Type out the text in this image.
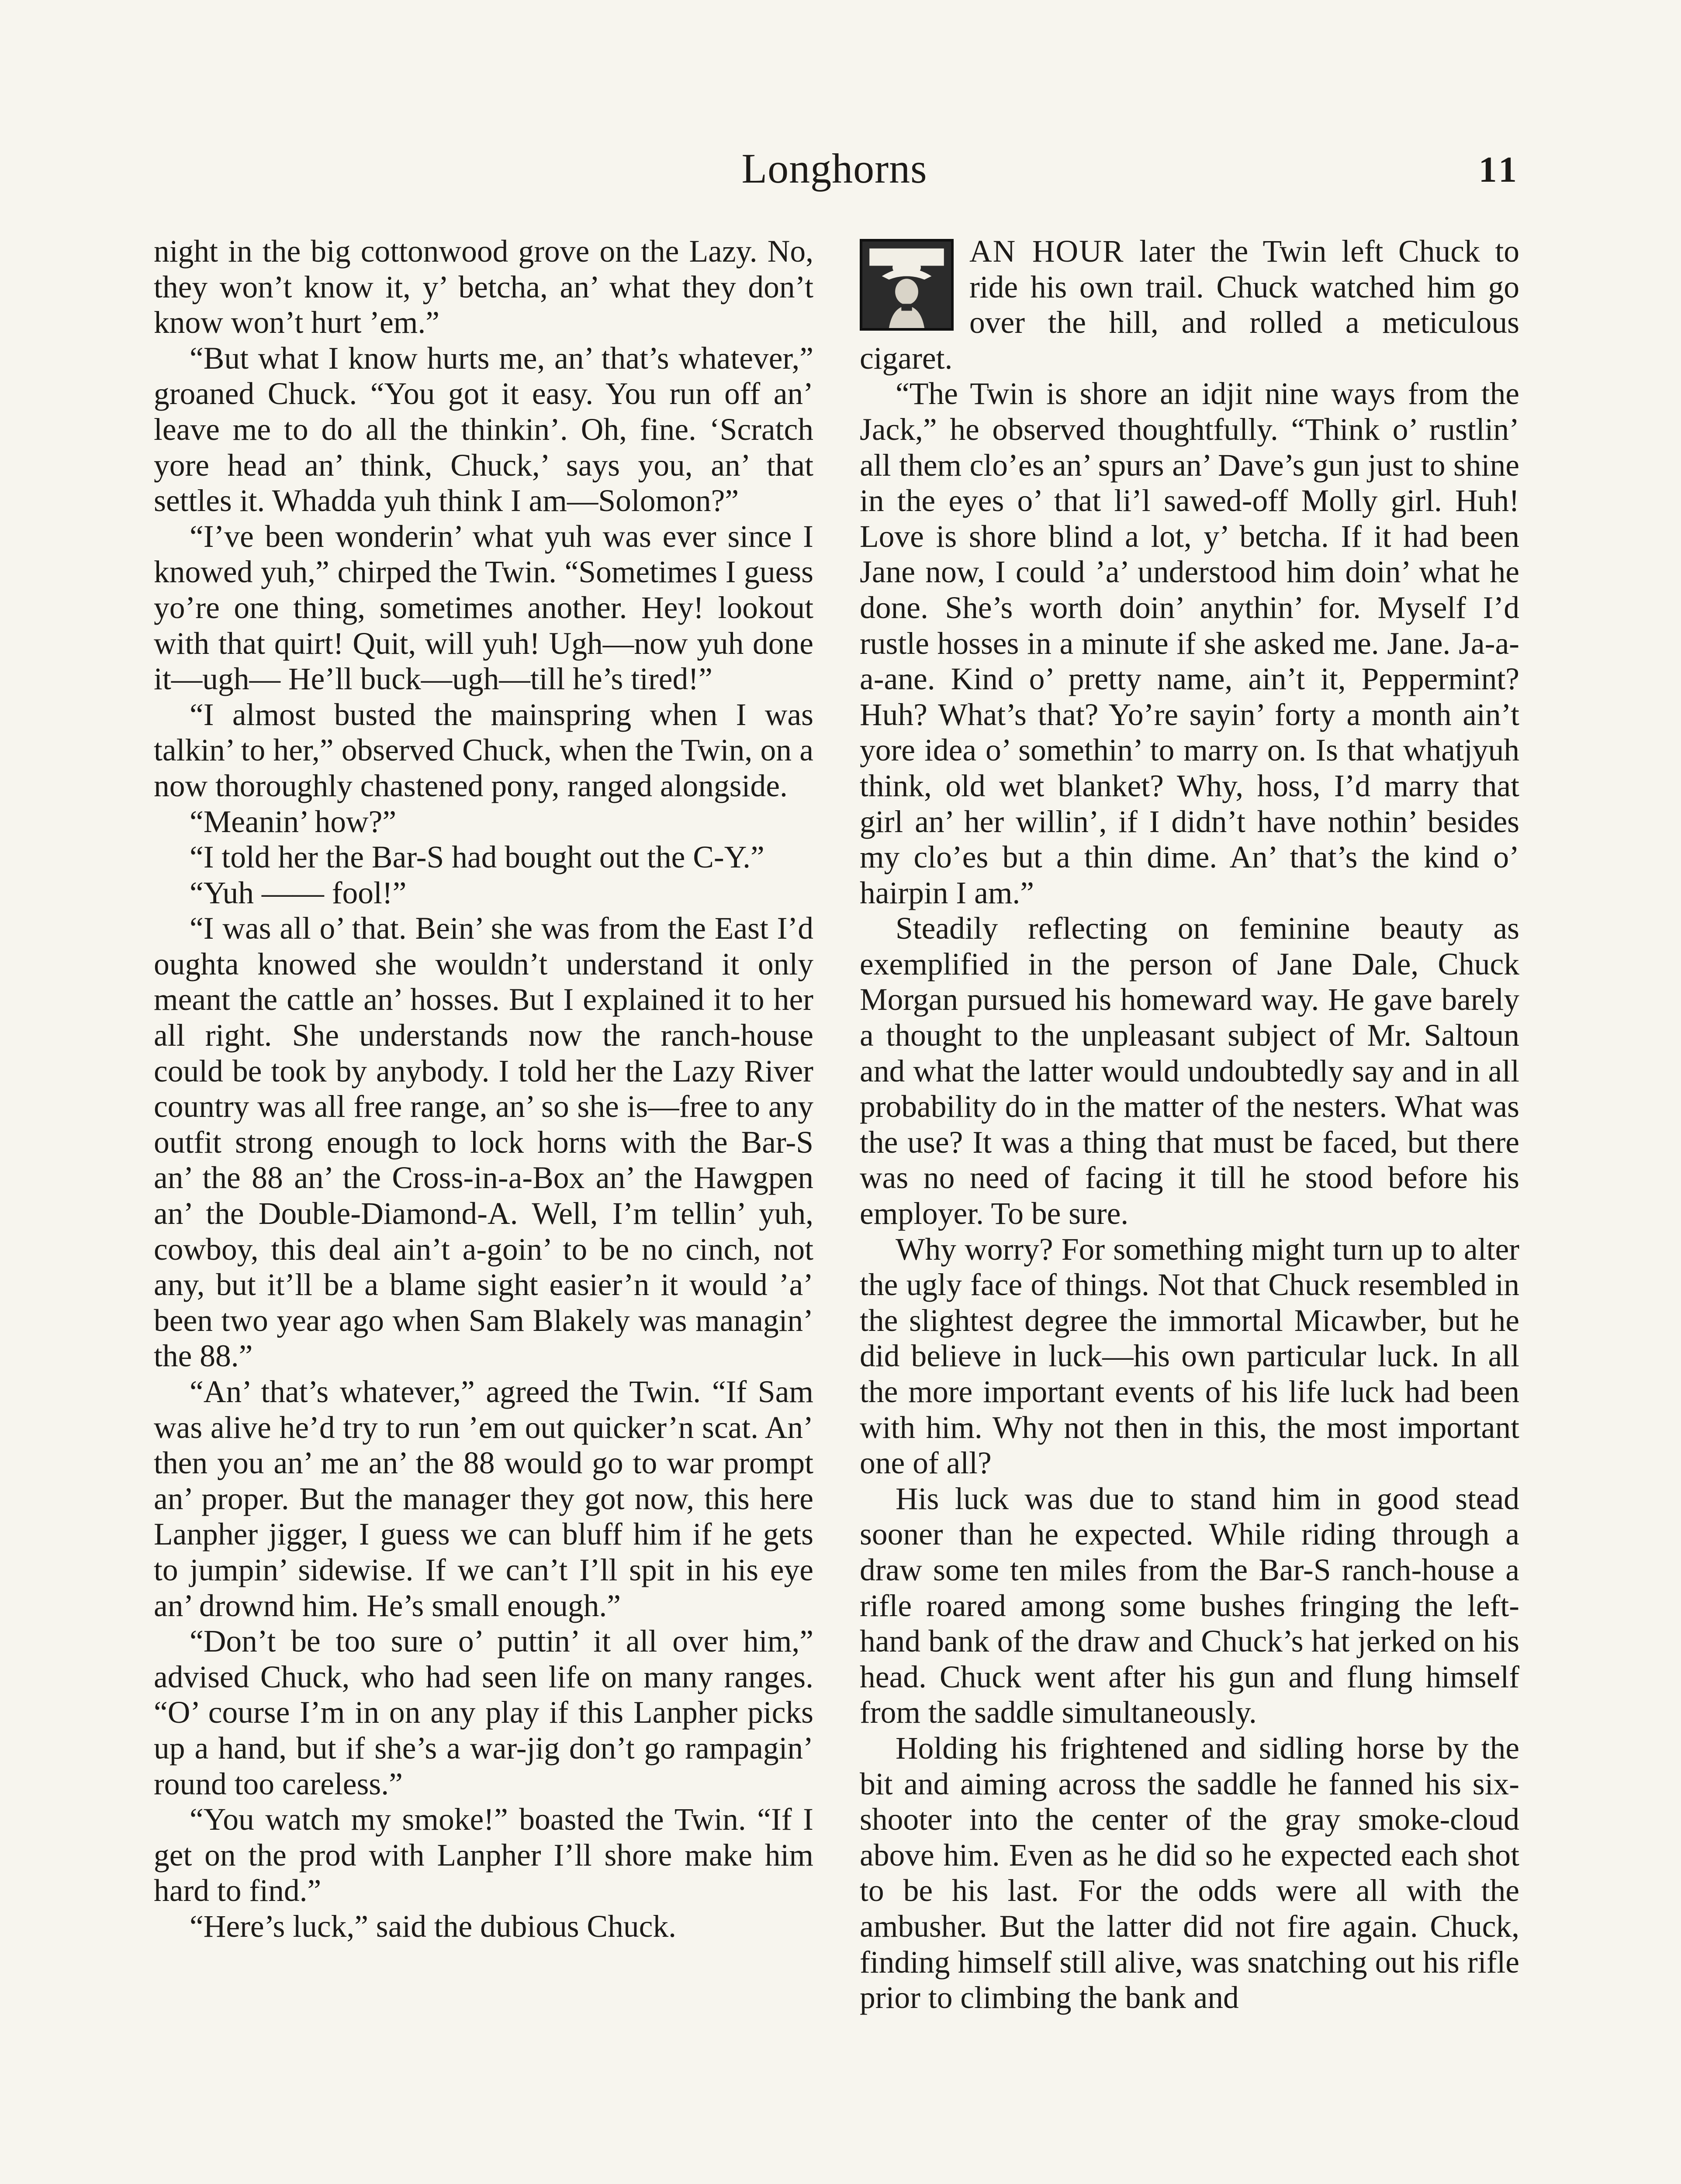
Longhorns	11

night in the big cottonwood grove on the Lazy. No, they won’t know it, y’ betcha, an’ what they don’t know won’t hurt ’em.”

“But what I know hurts me, an’ that’s whatever,” groaned Chuck. “You got it easy. You run off an’ leave me to do all the thinkin’. Oh, fine. ‘Scratch yore head an’ think, Chuck,’ says you, an’ that settles it. Whadda yuh think I am—Solomon?”

“I’ve been wonderin’ what yuh was ever since I knowed yuh,” chirped the Twin. “Sometimes I guess yo’re one thing, sometimes another. Hey! lookout with that quirt! Quit, will yuh! Ugh—now yuh done it—ugh— He’ll buck—ugh—till he’s tired!”

“I almost busted the mainspring when I was talkin’ to her,” observed Chuck, when the Twin, on a now thoroughly chastened pony, ranged alongside.

“Meanin’ how?”

“I told her the Bar-S had bought out the C-Y.”

“Yuh —— fool!”

“I was all o’ that. Bein’ she was from the East I’d oughta knowed she wouldn’t understand it only meant the cattle an’ hosses. But I explained it to her all right. She understands now the ranch-house could be took by anybody. I told her the Lazy River country was all free range, an’ so she is—free to any outfit strong enough to lock horns with the Bar-S an’ the 88 an’ the Cross-in-a-Box an’ the Hawgpen an’ the Double-Diamond-A. Well, I’m tellin’ yuh, cowboy, this deal ain’t a-goin’ to be no cinch, not any, but it’ll be a blame sight easier’n it would ’a’ been two year ago when Sam Blakely was managin’ the 88.”

“An’ that’s whatever,” agreed the Twin. “If Sam was alive he’d try to run ’em out quicker’n scat. An’ then you an’ me an’ the 88 would go to war prompt an’ proper. But the manager they got now, this here Lanpher jigger, I guess we can bluff him if he gets to jumpin’ sidewise. If we can’t I’ll spit in his eye an’ drownd him. He’s small enough.”

“Don’t be too sure o’ puttin’ it all over him,” advised Chuck, who had seen life on many ranges. “O’ course I’m in on any play if this Lanpher picks up a hand, but if she’s a war-jig don’t go rampagin’ round too careless.”

“You watch my smoke!” boasted the Twin. “If I get on the prod with Lanpher I’ll shore make him hard to find.”

“Here’s luck,” said the dubious Chuck.

AN HOUR later the Twin left Chuck to ride his own trail. Chuck watched him go over the hill, and rolled a meticulous cigaret.

“The Twin is shore an idjit nine ways from the Jack,” he observed thoughtfully. “Think o’ rustlin’ all them clo’es an’ spurs an’ Dave’s gun just to shine in the eyes o’ that li’l sawed-off Molly girl. Huh! Love is shore blind a lot, y’ betcha. If it had been Jane now, I could ’a’ understood him doin’ what he done. She’s worth doin’ anythin’ for. Myself I’d rustle hosses in a minute if she asked me. Jane. Ja-a-a-ane. Kind o’ pretty name, ain’t it, Peppermint? Huh? What’s that? Yo’re sayin’ forty a month ain’t yore idea o’ somethin’ to marry on. Is that whatjyuh think, old wet blanket? Why, hoss, I’d marry that girl an’ her willin’, if I didn’t have nothin’ besides my clo’es but a thin dime. An’ that’s the kind o’ hairpin I am.”

Steadily reflecting on feminine beauty as exemplified in the person of Jane Dale, Chuck Morgan pursued his homeward way. He gave barely a thought to the unpleasant subject of Mr. Saltoun and what the latter would undoubtedly say and in all probability do in the matter of the nesters. What was the use? It was a thing that must be faced, but there was no need of facing it till he stood before his employer. To be sure.

Why worry? For something might turn up to alter the ugly face of things. Not that Chuck resembled in the slightest degree the immortal Micawber, but he did believe in luck—his own particular luck. In all the more important events of his life luck had been with him. Why not then in this, the most important one of all?

His luck was due to stand him in good stead sooner than he expected. While riding through a draw some ten miles from the Bar-S ranch-house a rifle roared among some bushes fringing the left-hand bank of the draw and Chuck’s hat jerked on his head. Chuck went after his gun and flung himself from the saddle simultaneously.

Holding his frightened and sidling horse by the bit and aiming across the saddle he fanned his six-shooter into the center of the gray smoke-cloud above him. Even as he did so he expected each shot to be his last. For the odds were all with the ambusher. But the latter did not fire again. Chuck, finding himself still alive, was snatching out his rifle prior to climbing the bank and
